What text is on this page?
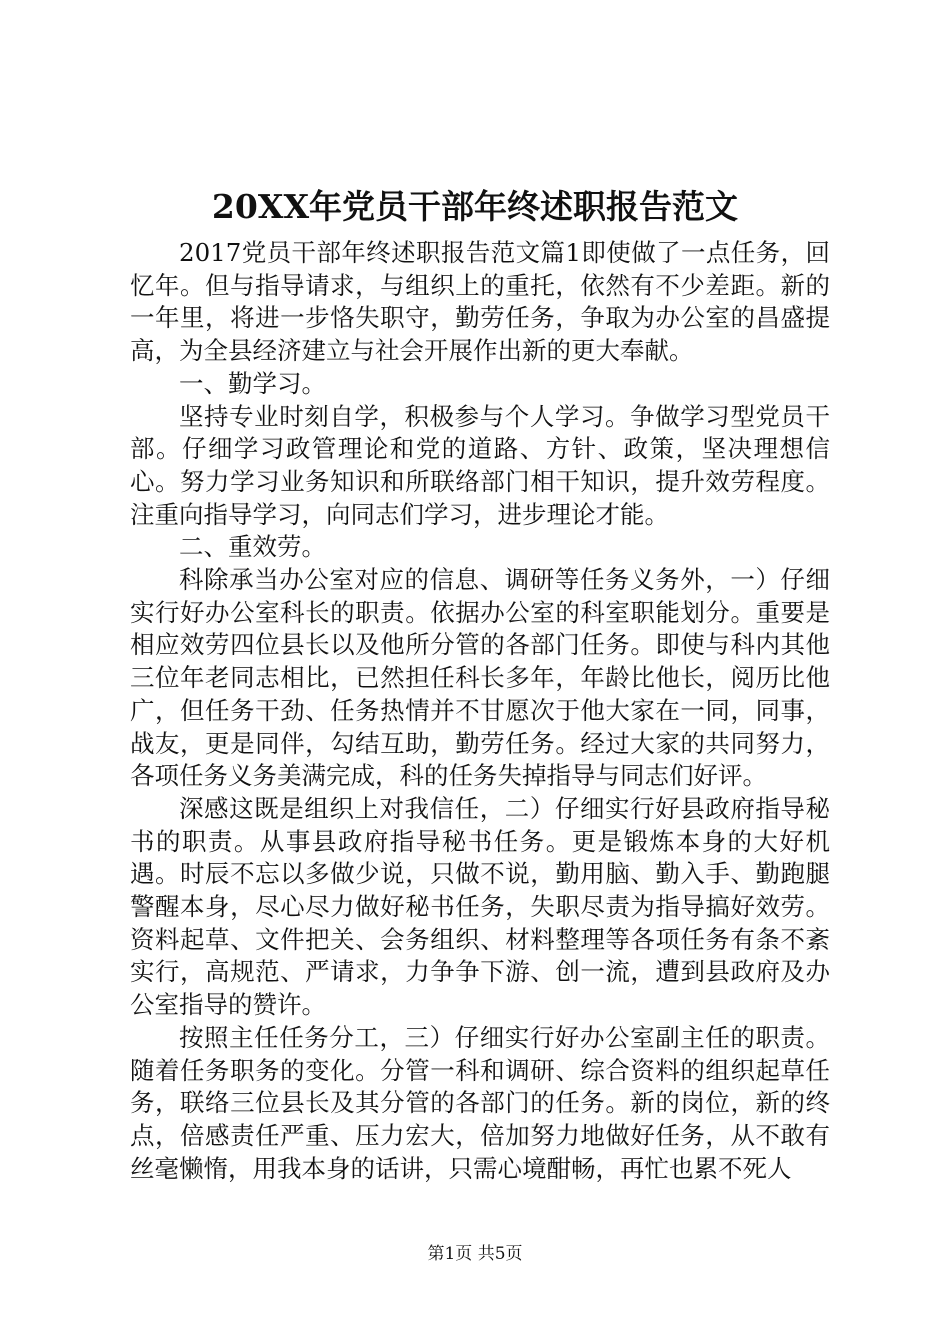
20XX年党员干部年终述职报告范文

2017党员干部年终述职报告范文篇1即使做了一点任务，回忆年。但与指导请求，与组织上的重托，依然有不少差距。新的一年里，将进一步恪失职守，勤劳任务，争取为办公室的昌盛提高，为全县经济建立与社会开展作出新的更大奉献。

一、勤学习。

坚持专业时刻自学，积极参与个人学习。争做学习型党员干部。仔细学习政管理论和党的道路、方针、政策，坚决理想信心。努力学习业务知识和所联络部门相干知识，提升效劳程度。注重向指导学习，向同志们学习，进步理论才能。

二、重效劳。

科除承当办公室对应的信息、调研等任务义务外，一）仔细实行好办公室科长的职责。依据办公室的科室职能划分。重要是相应效劳四位县长以及他所分管的各部门任务。即使与科内其他三位年老同志相比，已然担任科长多年，年龄比他长，阅历比他广，但任务干劲、任务热情并不甘愿次于他大家在一同，同事，战友，更是同伴，勾结互助，勤劳任务。经过大家的共同努力，各项任务义务美满完成，科的任务失掉指导与同志们好评。

深感这既是组织上对我信任，二）仔细实行好县政府指导秘书的职责。从事县政府指导秘书任务。更是锻炼本身的大好机遇。时辰不忘以多做少说，只做不说，勤用脑、勤入手、勤跑腿警醒本身，尽心尽力做好秘书任务，失职尽责为指导搞好效劳。资料起草、文件把关、会务组织、材料整理等各项任务有条不紊实行，高规范、严请求，力争争下游、创一流，遭到县政府及办公室指导的赞许。

按照主任任务分工，三）仔细实行好办公室副主任的职责。随着任务职务的变化。分管一科和调研、综合资料的组织起草任务，联络三位县长及其分管的各部门的任务。新的岗位，新的终点，倍感责任严重、压力宏大，倍加努力地做好任务，从不敢有丝毫懒惰，用我本身的话讲，只需心境酣畅，再忙也累不死人

第1页 共5页
